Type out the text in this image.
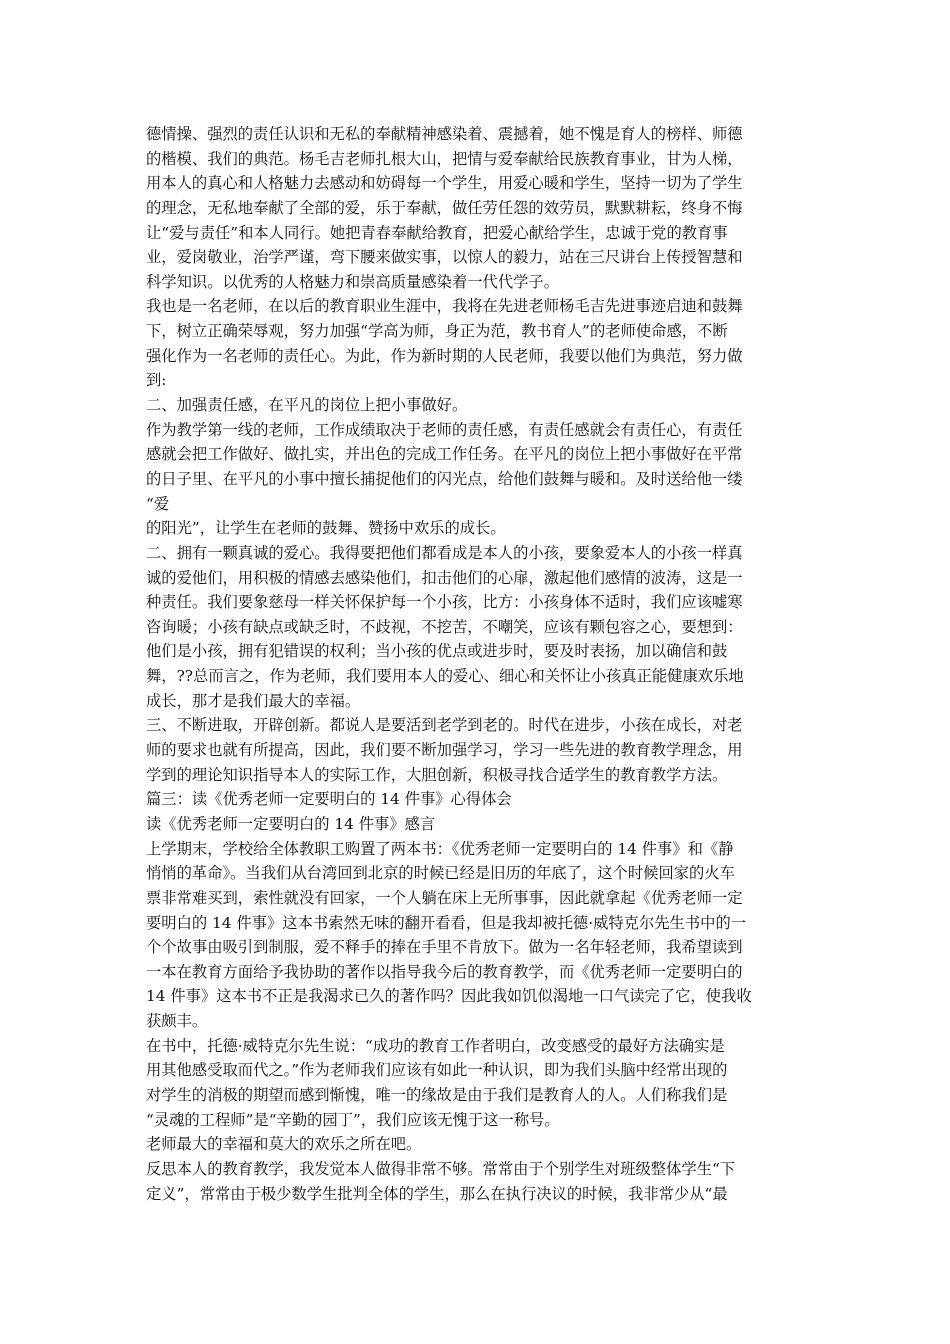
德情操、强烈的责任认识和无私的奉献精神感染着、震撼着，她不愧是育人的榜样、师德
的楷模、我们的典范。杨毛吉老师扎根大山，把情与爱奉献给民族教育事业，甘为人梯，
用本人的真心和人格魅力去感动和妨碍每一个学生，用爱心暖和学生，坚持一切为了学生
的理念，无私地奉献了全部的爱，乐于奉献，做任劳任怨的效劳员，默默耕耘，终身不悔
让“爱与责任”和本人同行。她把青春奉献给教育，把爱心献给学生，忠诚于党的教育事
业，爱岗敬业，治学严谨，弯下腰来做实事，以惊人的毅力，站在三尺讲台上传授智慧和
科学知识。以优秀的人格魅力和崇高质量感染着一代代学子。
我也是一名老师，在以后的教育职业生涯中，我将在先进老师杨毛吉先进事迹启迪和鼓舞
下，树立正确荣辱观，努力加强“学高为师，身正为范，教书育人”的老师使命感，不断
强化作为一名老师的责任心。为此，作为新时期的人民老师，我要以他们为典范，努力做
到:
二、加强责任感，在平凡的岗位上把小事做好。
作为教学第一线的老师，工作成绩取决于老师的责任感，有责任感就会有责任心，有责任
感就会把工作做好、做扎实，并出色的完成工作任务。在平凡的岗位上把小事做好在平常
的日子里、在平凡的小事中擅长捕捉他们的闪光点，给他们鼓舞与暖和。及时送给他一缕
“爱
的阳光”，让学生在老师的鼓舞、赞扬中欢乐的成长。
二、拥有一颗真诚的爱心。我得要把他们都看成是本人的小孩，要象爱本人的小孩一样真
诚的爱他们，用积极的情感去感染他们，扣击他们的心扉，激起他们感情的波涛，这是一
种责任。我们要象慈母一样关怀保护每一个小孩，比方：小孩身体不适时，我们应该嘘寒
咨询暖；小孩有缺点或缺乏时，不歧视，不挖苦，不嘲笑，应该有颗包容之心，要想到：
他们是小孩，拥有犯错误的权利；当小孩的优点或进步时，要及时表扬，加以确信和鼓
舞，??总而言之，作为老师，我们要用本人的爱心、细心和关怀让小孩真正能健康欢乐地
成长，那才是我们最大的幸福。
三、不断进取，开辟创新。都说人是要活到老学到老的。时代在进步，小孩在成长，对老
师的要求也就有所提高，因此，我们要不断加强学习，学习一些先进的教育教学理念，用
学到的理论知识指导本人的实际工作，大胆创新，积极寻找合适学生的教育教学方法。
篇三：读《优秀老师一定要明白的 14 件事》心得体会
读《优秀老师一定要明白的 14 件事》感言
上学期末，学校给全体教职工购置了两本书：《优秀老师一定要明白的 14 件事》和《静
悄悄的革命》。当我们从台湾回到北京的时候已经是旧历的年底了，这个时候回家的火车
票非常难买到，索性就没有回家，一个人躺在床上无所事事，因此就拿起《优秀老师一定
要明白的 14 件事》这本书索然无味的翻开看看，但是我却被托德·威特克尔先生书中的一
个个故事由吸引到制服，爱不释手的捧在手里不肯放下。做为一名年轻老师，我希望读到
一本在教育方面给予我协助的著作以指导我今后的教育教学，而《优秀老师一定要明白的
14 件事》这本书不正是我渴求已久的著作吗？因此我如饥似渴地一口气读完了它，使我收
获颇丰。
在书中，托德·威特克尔先生说：“成功的教育工作者明白，改变感受的最好方法确实是
用其他感受取而代之。”作为老师我们应该有如此一种认识，即为我们头脑中经常出现的
对学生的消极的期望而感到惭愧，唯一的缘故是由于我们是教育人的人。人们称我们是
“灵魂的工程师”是“辛勤的园丁”，我们应该无愧于这一称号。
老师最大的幸福和莫大的欢乐之所在吧。
反思本人的教育教学，我发觉本人做得非常不够。常常由于个别学生对班级整体学生“下
定义”，常常由于极少数学生批判全体的学生，那么在执行决议的时候，我非常少从“最
